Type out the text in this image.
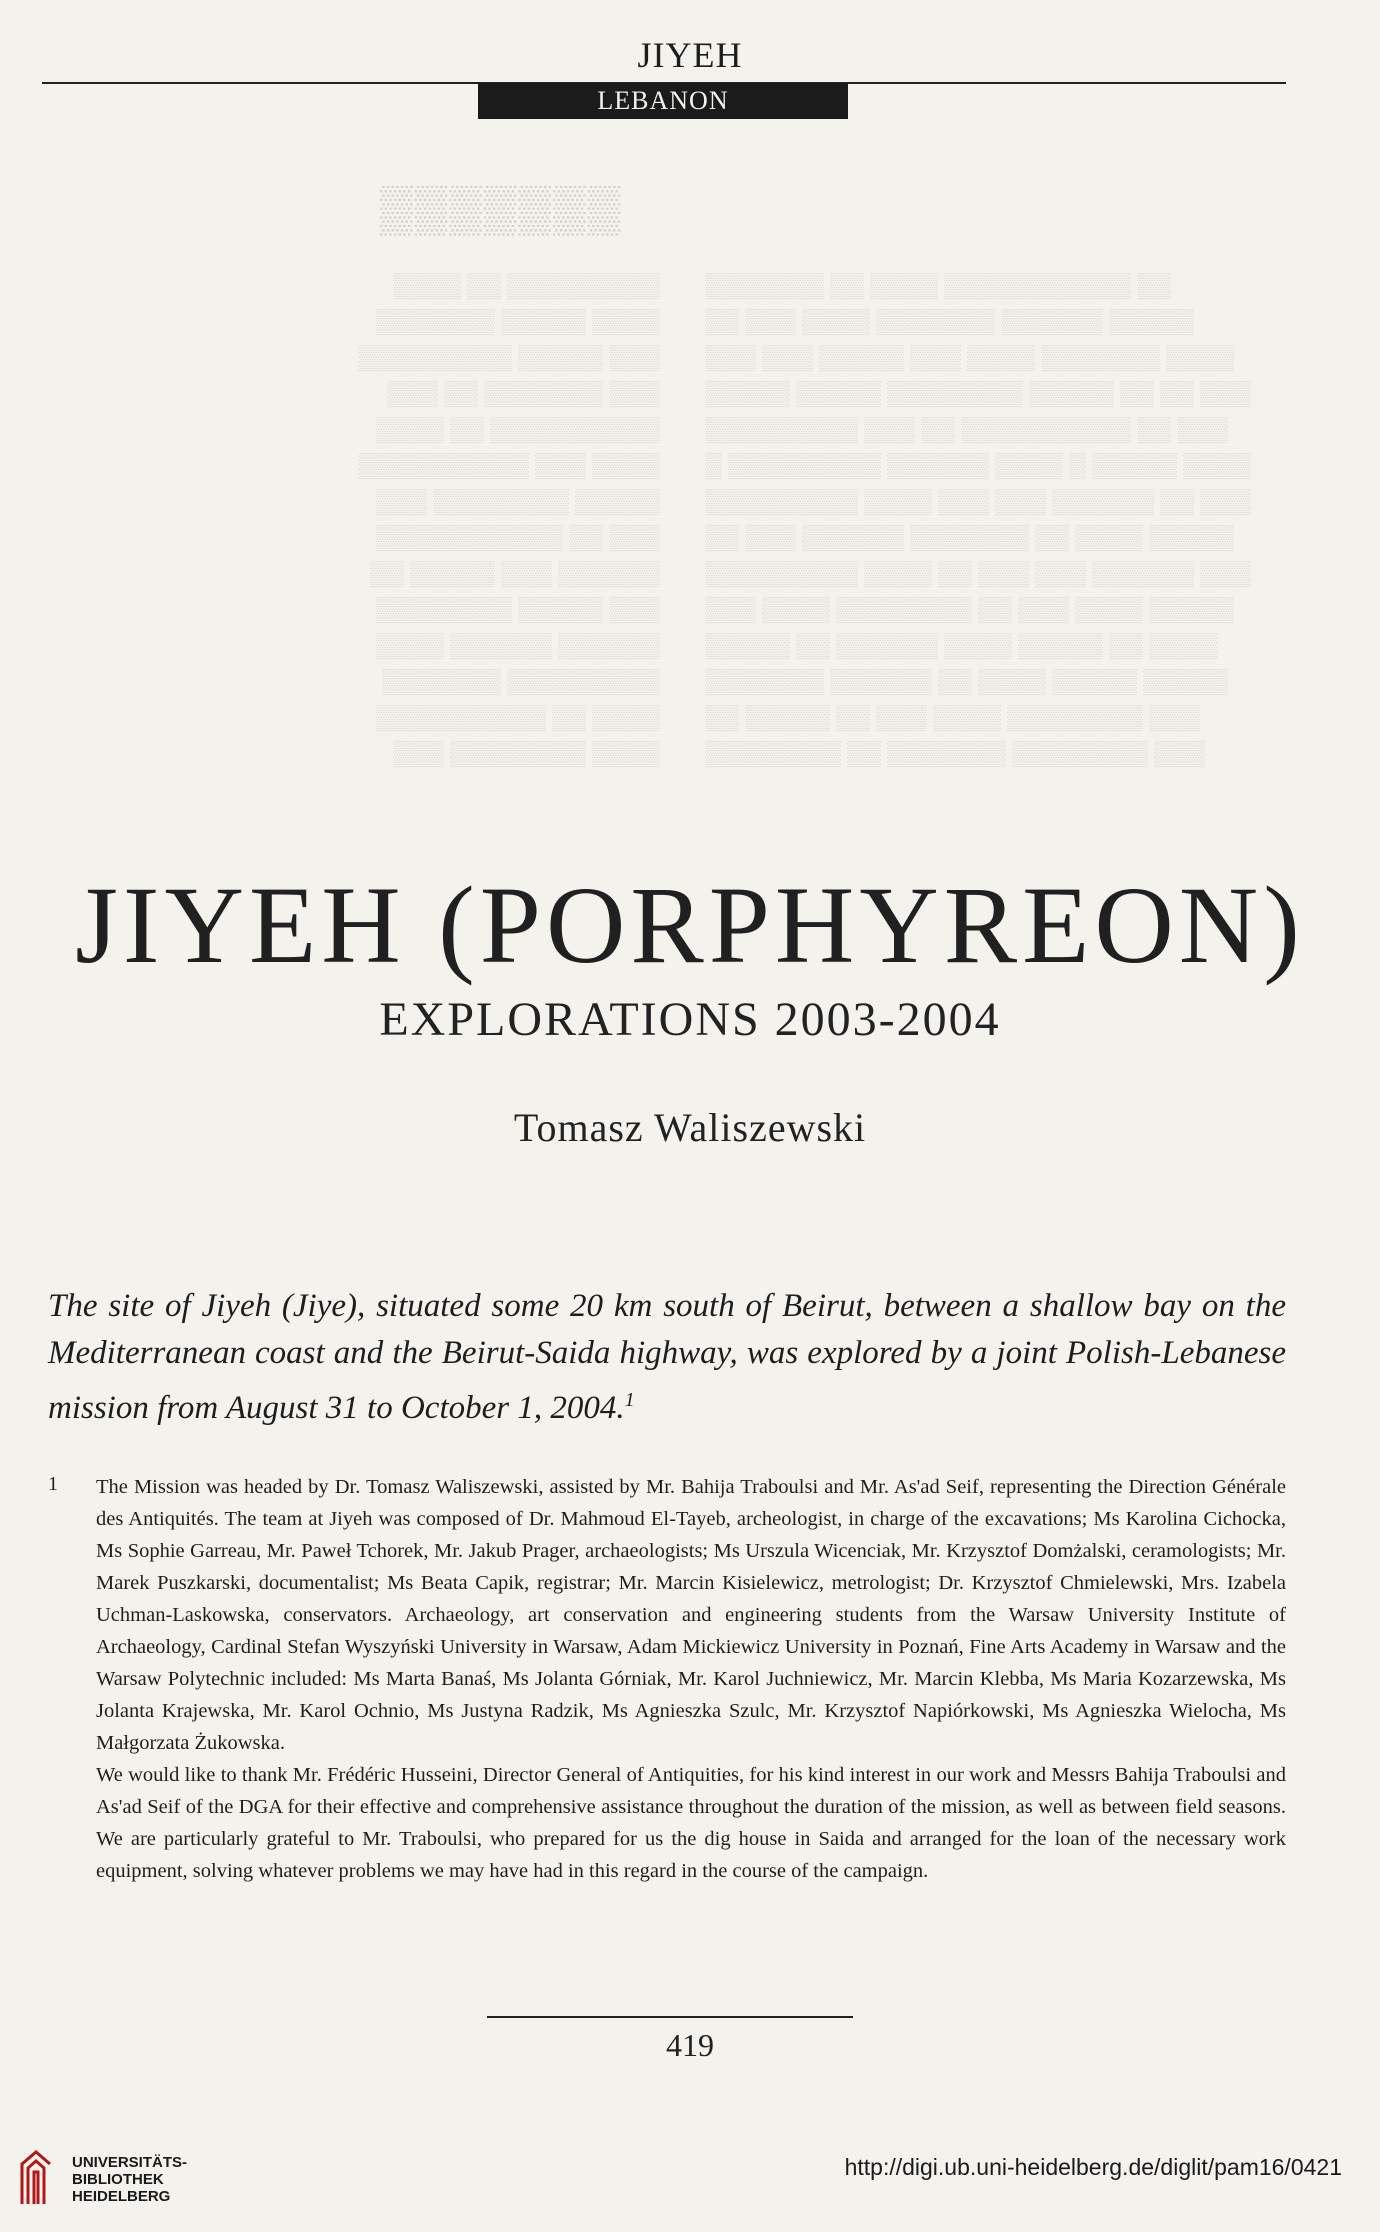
JIYEH
LEBANON
▒▒▒▒▒▒▒
▒▒▒▒ ▒▒ ▒▒▒▒▒▒▒▒▒
▒▒▒▒▒▒▒ ▒▒▒▒▒ ▒▒▒▒
▒▒▒▒▒▒▒▒▒ ▒▒▒▒▒ ▒▒▒
▒▒▒ ▒▒ ▒▒▒▒▒▒▒ ▒▒▒
▒▒▒▒ ▒▒ ▒▒▒▒▒▒▒▒▒▒
▒▒▒▒▒▒▒▒▒▒ ▒▒▒ ▒▒▒▒
▒▒▒ ▒▒▒▒▒▒▒▒ ▒▒▒▒▒
▒▒▒▒▒▒▒▒▒▒▒ ▒▒ ▒▒▒
▒▒ ▒▒▒▒▒ ▒▒▒ ▒▒▒▒▒▒
▒▒▒▒▒▒▒▒ ▒▒▒▒▒ ▒▒▒
▒▒▒▒ ▒▒▒▒▒▒ ▒▒▒▒▒▒
▒▒▒▒▒▒▒ ▒▒▒▒▒▒▒▒▒
▒▒▒▒▒▒▒▒▒▒ ▒▒ ▒▒▒▒
▒▒▒ ▒▒▒▒▒▒▒▒ ▒▒▒▒
▒▒▒▒▒▒▒ ▒▒ ▒▒▒▒ ▒▒▒▒▒▒▒▒▒▒▒ ▒▒
▒▒ ▒▒▒ ▒▒▒▒ ▒▒▒▒▒▒▒ ▒▒▒▒▒▒ ▒▒▒▒▒
▒▒▒ ▒▒▒ ▒▒▒▒▒ ▒▒▒ ▒▒▒▒ ▒▒▒▒▒▒▒ ▒▒▒▒
▒▒▒▒▒ ▒▒▒▒▒ ▒▒▒▒▒▒▒▒ ▒▒▒▒▒ ▒▒ ▒▒ ▒▒▒
▒▒▒▒▒▒▒▒▒ ▒▒▒ ▒▒ ▒▒▒▒▒▒▒▒▒▒ ▒▒ ▒▒▒
▒ ▒▒▒▒▒▒▒▒▒ ▒▒▒▒▒▒ ▒▒▒▒ ▒ ▒▒▒▒▒ ▒▒▒▒
▒▒▒▒▒▒▒▒▒ ▒▒▒▒ ▒▒▒ ▒▒▒ ▒▒▒▒▒▒ ▒▒ ▒▒▒
▒▒ ▒▒▒ ▒▒▒▒▒▒ ▒▒▒▒▒▒▒ ▒▒ ▒▒▒▒ ▒▒▒▒▒
▒▒▒▒▒▒▒▒▒ ▒▒▒▒ ▒▒ ▒▒▒ ▒▒▒ ▒▒▒▒▒▒ ▒▒▒
▒▒▒ ▒▒▒▒ ▒▒▒▒▒▒▒▒ ▒▒ ▒▒▒ ▒▒▒▒ ▒▒▒▒▒
▒▒▒▒▒ ▒▒ ▒▒▒▒▒▒ ▒▒▒▒ ▒▒▒▒▒ ▒▒ ▒▒▒▒
▒▒▒▒▒▒▒ ▒▒▒▒▒▒ ▒▒ ▒▒▒▒ ▒▒▒▒▒ ▒▒▒▒▒
▒▒ ▒▒▒▒▒ ▒▒ ▒▒▒ ▒▒▒▒ ▒▒▒▒▒▒▒▒ ▒▒▒
▒▒▒▒▒▒▒▒ ▒▒ ▒▒▒▒▒▒▒ ▒▒▒▒▒▒▒▒ ▒▒▒
JIYEH (PORPHYREON)
EXPLORATIONS 2003-2004
Tomasz Waliszewski
The site of Jiyeh (Jiye), situated some 20 km south of Beirut, between a shallow bay on the Mediterranean coast and the Beirut-Saida highway, was explored by a joint Polish-Lebanese mission from August 31 to October 1, 2004.$^1$
1 The Mission was headed by Dr. Tomasz Waliszewski, assisted by Mr. Bahija Traboulsi and Mr. As'ad Seif, representing the Direction Générale des Antiquités. The team at Jiyeh was composed of Dr. Mahmoud El-Tayeb, archeologist, in charge of the excavations; Ms Karolina Cichocka, Ms Sophie Garreau, Mr. Paweł Tchorek, Mr. Jakub Prager, archaeologists; Ms Urszula Wicenciak, Mr. Krzysztof Domżalski, ceramologists; Mr. Marek Puszkarski, documentalist; Ms Beata Capik, registrar; Mr. Marcin Kisielewicz, metrologist; Dr. Krzysztof Chmielewski, Mrs. Izabela Uchman-Laskowska, conservators. Archaeology, art conservation and engineering students from the Warsaw University Institute of Archaeology, Cardinal Stefan Wyszyński University in Warsaw, Adam Mickiewicz University in Poznań, Fine Arts Academy in Warsaw and the Warsaw Polytechnic included: Ms Marta Banaś, Ms Jolanta Górniak, Mr. Karol Juchniewicz, Mr. Marcin Klebba, Ms Maria Kozarzewska, Ms Jolanta Krajewska, Mr. Karol Ochnio, Ms Justyna Radzik, Ms Agnieszka Szulc, Mr. Krzysztof Napiórkowski, Ms Agnieszka Wielocha, Ms Małgorzata Żukowska.

We would like to thank Mr. Frédéric Husseini, Director General of Antiquities, for his kind interest in our work and Messrs Bahija Traboulsi and As'ad Seif of the DGA for their effective and comprehensive assistance throughout the duration of the mission, as well as between field seasons. We are particularly grateful to Mr. Traboulsi, who prepared for us the dig house in Saida and arranged for the loan of the necessary work equipment, solving whatever problems we may have had in this regard in the course of the campaign.

419
UNIVERSITÄTS-
BIBLIOTHEK
HEIDELBERG
http://digi.ub.uni-heidelberg.de/diglit/pam16/0421
